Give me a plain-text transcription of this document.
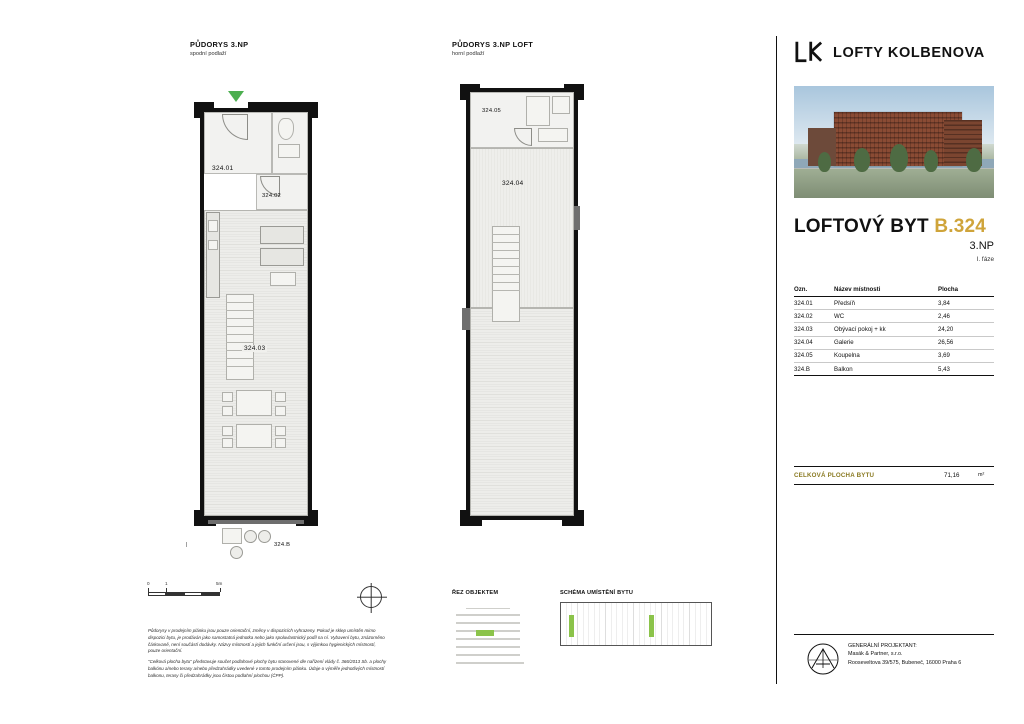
PŮDORYS 3.NP
spodní podlaží
324.01
324.02
324.03
324.B
|
PŮDORYS 3.NP LOFT
horní podlaží
324.05
324.04
0	1	5m

Půdorysy v prodejním plánku jsou pouze orientační, změny v dispozicích vyhrazeny. Pokud je sklep umístěn mimo dispozici bytu, je prodáván jako samostatná jednotka nebo jako spoluvlastnický podíl na ní. Vybavení bytu, znázorněno čárkovaně, není součástí dodávky. Názvy místností a jejich funkční určení jsou, s výjimkou hygienických místností, pouze orientační.

"Celková plocha bytu" představuje součet podlahové plochy bytu stanovené dle nařízení vlády č. 366/2013 Sb. a plochy balkónu a/nebo terasy a/nebo předzahrádky uvedené v tomto prodejním plánku. Údaje o výměře jednotlivých místností balkonu, terasy či předzahrádky jsou čistou podlahní plochou (ČPP).

ŘEZ OBJEKTEM	SCHÉMA UMÍSTĚNÍ BYTU
LOFTY KOLBENOVA
LOFTOVÝ BYT B.324
3.NP
I. fáze
Ozn.	Název místnosti	Plocha
324.01	Předsíň	3,84
324.02	WC	2,46
324.03	Obývací pokoj + kk	24,20
324.04	Galerie	26,56
324.05	Koupelna	3,69
324.B	Balkon	5,43
CELKOVÁ PLOCHA BYTU	71,16	m²
GENERÁLNÍ PROJEKTANT:
Masák & Partner, s.r.o.
Rooseveltova 39/575, Bubeneč, 16000 Praha 6
